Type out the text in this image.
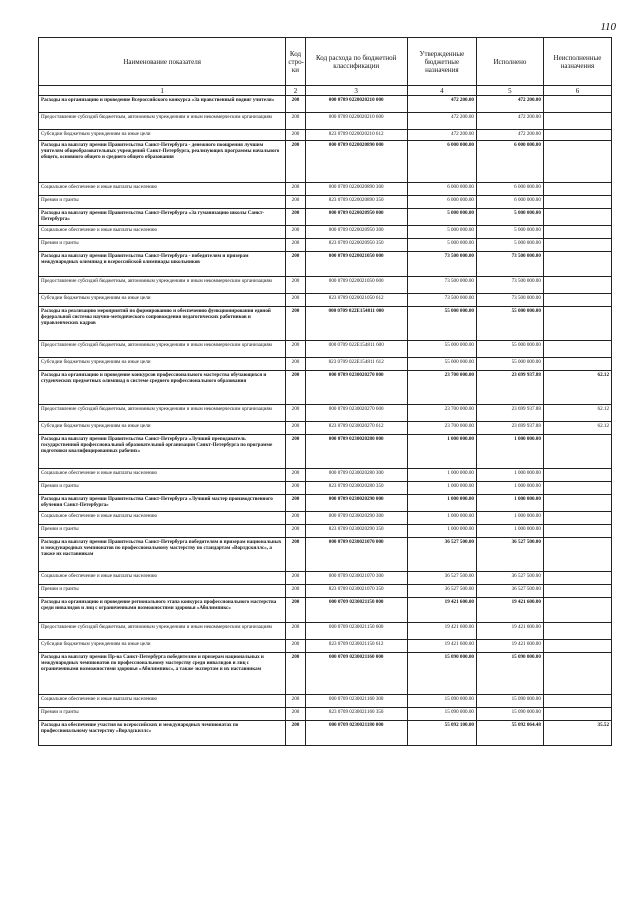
110
Наименование показателя	Код стро-ки	Код расхода по бюджетной классификации	Утвержденные бюджетные назначения	Исполнено	Неисполненные назначения
1	2	3	4	5	6
Расходы на организацию и проведение Всероссийского конкурса «За нравственный подвиг учителя»	200	000 0709 0220020210 000	472 200.00	472 200.00	
Предоставление субсидий бюджетным, автономным учреждениям и иным некоммерческим организациям	200	000 0709 0220020210 600	472 200.00	472 200.00	
Субсидии бюджетным учреждениям на иные цели	200	823 0709 0220020210 612	472 200.00	472 200.00	
Расходы на выплату премии Правительства Санкт-Петербурга - денежного поощрения лучшим учителям общеобразовательных учреждений Санкт-Петербурга, реализующих программы начального общего, основного общего и среднего общего образования	200	000 0709 0220020890 000	6 000 000.00	6 000 000.00	
Социальное обеспечение и иные выплаты населению	200	000 0709 0220020890 300	6 000 000.00	6 000 000.00	
Премии и гранты	200	823 0709 0220020890 350	6 000 000.00	6 000 000.00	
Расходы на выплату премии Правительства Санкт-Петербурга «За гуманизацию школы Санкт-Петербурга»	200	000 0709 0220020950 000	5 000 000.00	5 000 000.00	
Социальное обеспечение и иные выплаты населению	200	000 0709 0220020950 300	5 000 000.00	5 000 000.00	
Премии и гранты	200	823 0709 0220020950 350	5 000 000.00	5 000 000.00	
Расходы на выплату премии Правительства Санкт-Петербурга - победителям и призерам международных олимпиад и всероссийской олимпиады школьников	200	000 0709 0220021050 000	73 500 000.00	73 500 000.00	
Предоставление субсидий бюджетным, автономным учреждениям и иным некоммерческим организациям	200	000 0709 0220021050 600	73 500 000.00	73 500 000.00	
Субсидии бюджетным учреждениям на иные цели	200	823 0709 0220021050 612	73 500 000.00	73 500 000.00	
Расходы на реализацию мероприятий по формированию и обеспечению функционирования единой федеральной системы научно-методического сопровождения педагогических работников и управленческих кадров	200	000 0709 022E154811 000	55 000 000.00	55 000 000.00	
Предоставление субсидий бюджетным, автономным учреждениям и иным некоммерческим организациям	200	000 0709 022E154811 600	55 000 000.00	55 000 000.00	
Субсидии бюджетным учреждениям на иные цели	200	823 0709 022E154811 612	55 000 000.00	55 000 000.00	
Расходы на организацию и проведение конкурсов профессионального мастерства обучающихся и студенческих предметных олимпиад в системе среднего профессионального образования	200	000 0709 0230020270 000	23 700 000.00	23 699 937.88	62.12
Предоставление субсидий бюджетным, автономным учреждениям и иным некоммерческим организациям	200	000 0709 0230020270 600	23 700 000.00	23 699 937.88	62.12
Субсидии бюджетным учреждениям на иные цели	200	823 0709 0230020270 612	23 700 000.00	23 699 937.88	62.12
Расходы на выплату премии Правительства Санкт-Петербурга «Лучший преподаватель государственной профессиональной образовательной организации Санкт-Петербурга по программе подготовки квалифицированных рабочих»	200	000 0709 0230020280 000	1 000 000.00	1 000 000.00	
Социальное обеспечение и иные выплаты населению	200	000 0709 0230020280 300	1 000 000.00	1 000 000.00	
Премии и гранты	200	823 0709 0230020280 350	1 000 000.00	1 000 000.00	
Расходы на выплату премии Правительства Санкт-Петербурга «Лучший мастер производственного обучения Санкт-Петербурга»	200	000 0709 0230020290 000	1 000 000.00	1 000 000.00	
Социальное обеспечение и иные выплаты населению	200	000 0709 0230020290 300	1 000 000.00	1 000 000.00	
Премии и гранты	200	823 0709 0230020290 350	1 000 000.00	1 000 000.00	
Расходы на выплату премии Правительства Санкт-Петербурга победителям и призерам национальных и международных чемпионатов по профессиональному мастерству по стандартам «Ворлдскиллс», а также их наставникам	200	000 0709 0230021070 000	36 527 500.00	36 527 500.00	
Социальное обеспечение и иные выплаты населению	200	000 0709 0230021070 300	36 527 500.00	36 527 500.00	
Премии и гранты	200	823 0709 0230021070 350	36 527 500.00	36 527 500.00	
Расходы на организацию и проведение регионального этапа конкурса профессионального мастерства среди инвалидов и лиц с ограниченными возможностями здоровья «Абилимпикс»	200	000 0709 0230021150 000	19 421 600.00	19 421 600.00	
Предоставление субсидий бюджетным, автономным учреждениям и иным некоммерческим организациям	200	000 0709 0230021150 600	19 421 600.00	19 421 600.00	
Субсидии бюджетным учреждениям на иные цели	200	823 0709 0230021150 612	19 421 600.00	19 421 600.00	
Расходы на выплату премии Пр-ва Санкт-Петербурга победителям и призерам национальных и международных чемпионатов по профессиональному мастерству среди инвалидов и лиц с ограниченными возможностями здоровья «Абилимпикс», а также экспертам и их наставникам	200	000 0709 0230021160 000	15 090 000.00	15 090 000.00	
Социальное обеспечение и иные выплаты населению	200	000 0709 0230021160 300	15 090 000.00	15 090 000.00	
Премии и гранты	200	823 0709 0230021160 350	15 090 000.00	15 090 000.00	
Расходы на обеспечение участия во всероссийских и международных чемпионатах по профессиональному мастерству «Ворлдскиллс»	200	000 0709 0230021180 000	55 092 100.00	55 092 064.48	35.52
